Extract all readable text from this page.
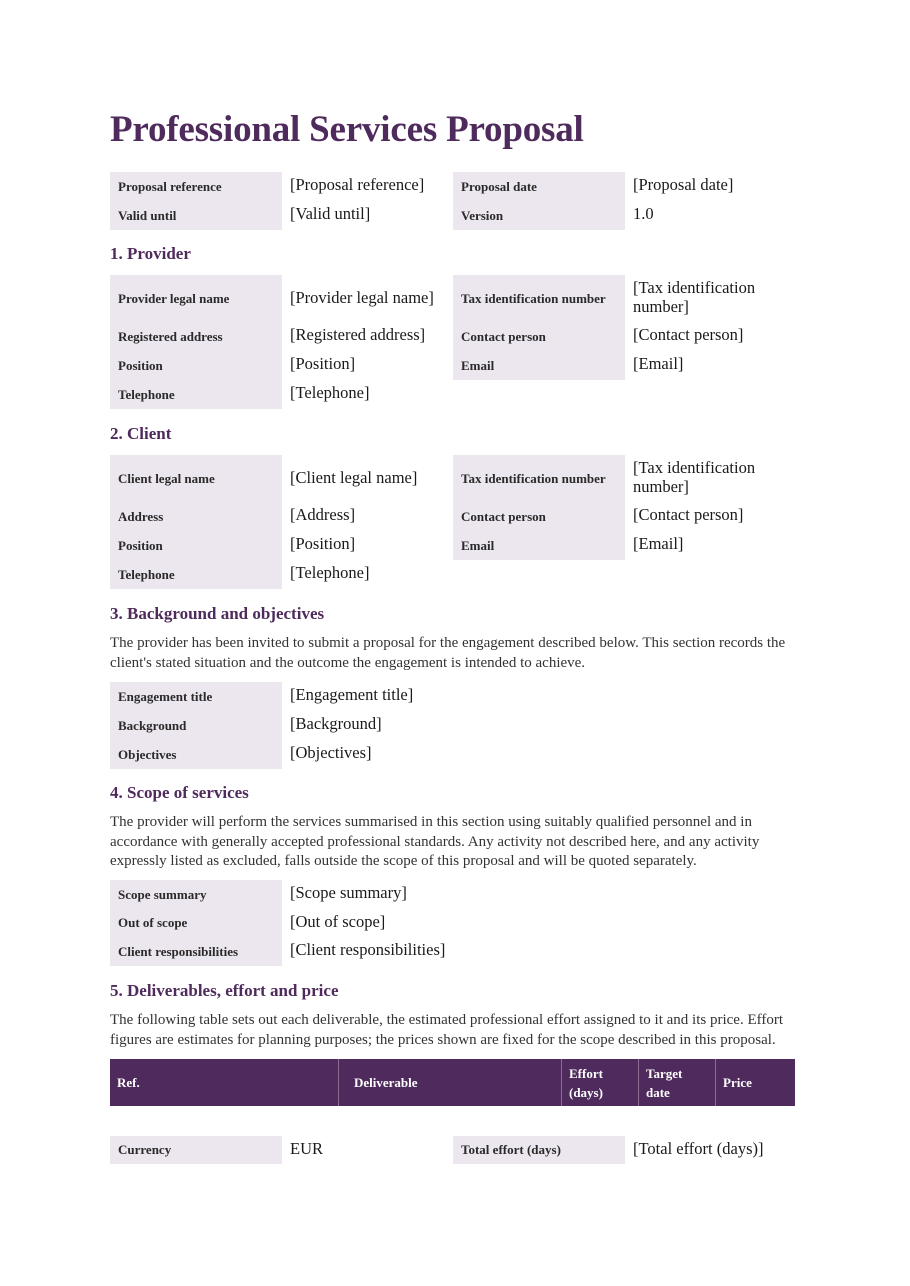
Professional Services Proposal
Proposal reference	[Proposal reference]	Proposal date	[Proposal date]
Valid until	[Valid until]	Version	1.0
1. Provider
Provider legal name	[Provider legal name]	Tax identification number
[Tax identification number]
Registered address	[Registered address]	Contact person	[Contact person]
Position	[Position]	Email	[Email]
Telephone	[Telephone]
2. Client
Client legal name	[Client legal name]	Tax identification number
[Tax identification number]
Address	[Address]	Contact person	[Contact person]
Position	[Position]	Email	[Email]
Telephone	[Telephone]
3. Background and objectives

The provider has been invited to submit a proposal for the engagement described below. This section records the client's stated situation and the outcome the engagement is intended to achieve.

Engagement title	[Engagement title]
Background	[Background]
Objectives	[Objectives]
4. Scope of services

The provider will perform the services summarised in this section using suitably qualified personnel and in accordance with generally accepted professional standards. Any activity not described here, and any activity expressly listed as excluded, falls outside the scope of this proposal and will be quoted separately.

Scope summary	[Scope summary]
Out of scope	[Out of scope]
Client responsibilities	[Client responsibilities]
5. Deliverables, effort and price

The following table sets out each deliverable, the estimated professional effort assigned to it and its price. Effort figures are estimates for planning purposes; the prices shown are fixed for the scope described in this proposal.

Ref.	Deliverable	Effort (days)	Target date	Price
Currency	EUR	Total effort (days)	[Total effort (days)]
